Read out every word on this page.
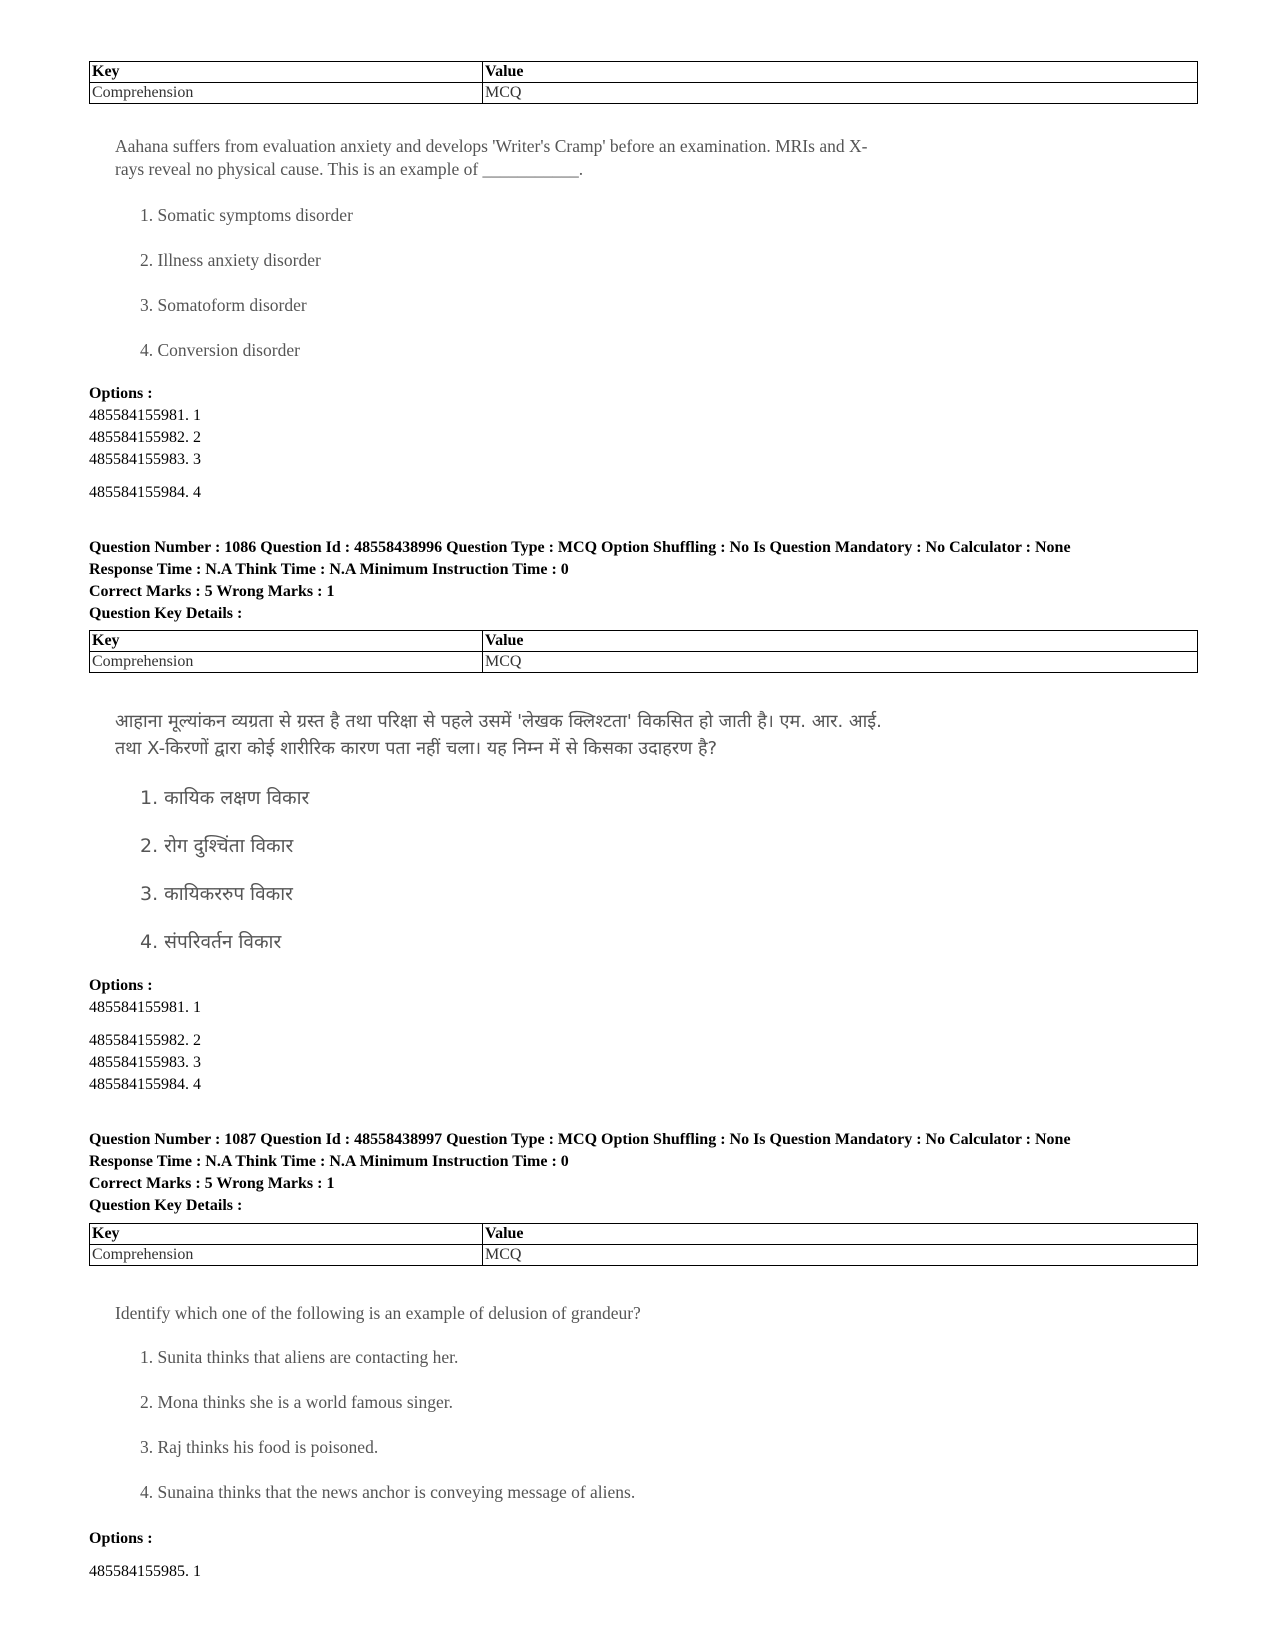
Key	Value
Comprehension	MCQ
Aahana suffers from evaluation anxiety and develops 'Writer's Cramp' before an examination. MRIs and X-
rays reveal no physical cause. This is an example of ___________.
1. Somatic symptoms disorder
2. Illness anxiety disorder
3. Somatoform disorder
4. Conversion disorder
Options :
485584155981. 1
485584155982. 2
485584155983. 3
485584155984. 4
Question Number : 1086 Question Id : 48558438996 Question Type : MCQ Option Shuffling : No Is Question Mandatory : No Calculator : None
Response Time : N.A Think Time : N.A Minimum Instruction Time : 0
Correct Marks : 5 Wrong Marks : 1
Question Key Details :
Key	Value
Comprehension	MCQ
आहाना मूल्यांकन व्यग्रता से ग्रस्त है तथा परिक्षा से पहले उसमें 'लेखक क्लिश्टता' विकसित हो जाती है। एम. आर. आई.
तथा X-किरणों द्वारा कोई शारीरिक कारण पता नहीं चला। यह निम्न में से किसका उदाहरण है?
1. कायिक लक्षण विकार
2. रोग दुश्चिंता विकार
3. कायिकररुप विकार
4. संपरिवर्तन विकार
Options :
485584155981. 1
485584155982. 2
485584155983. 3
485584155984. 4
Question Number : 1087 Question Id : 48558438997 Question Type : MCQ Option Shuffling : No Is Question Mandatory : No Calculator : None
Response Time : N.A Think Time : N.A Minimum Instruction Time : 0
Correct Marks : 5 Wrong Marks : 1
Question Key Details :
Key	Value
Comprehension	MCQ
Identify which one of the following is an example of delusion of grandeur?
1. Sunita thinks that aliens are contacting her.
2. Mona thinks she is a world famous singer.
3. Raj thinks his food is poisoned.
4. Sunaina thinks that the news anchor is conveying message of aliens.
Options :
485584155985. 1
